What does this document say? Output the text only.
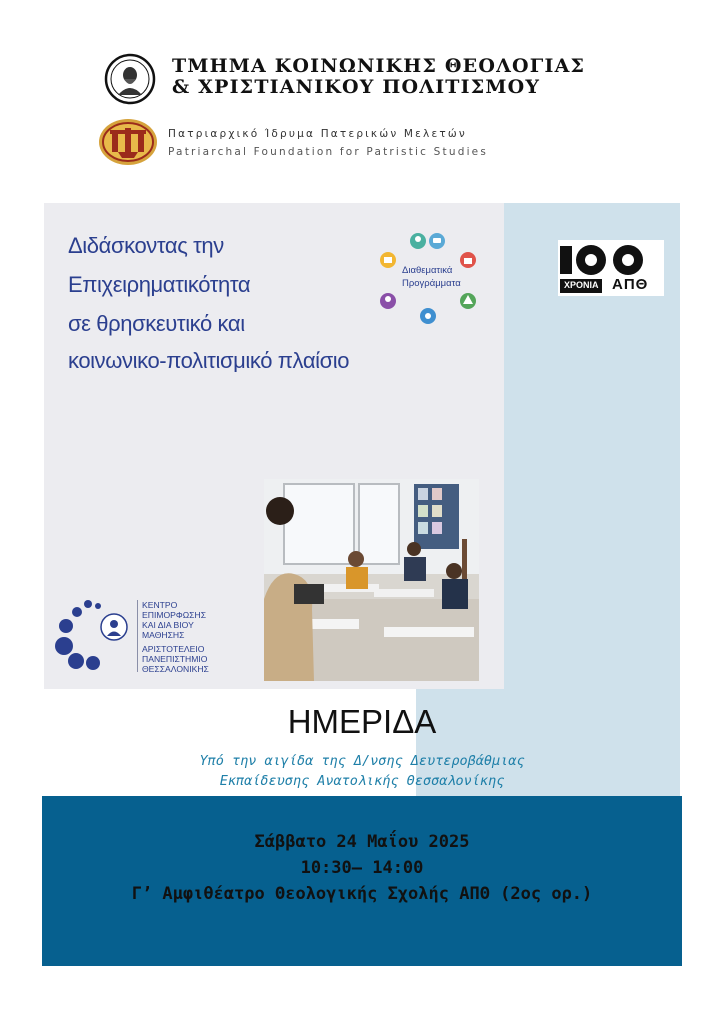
ΤΜΗΜΑ ΚΟΙΝΩΝΙΚΗΣ ΘΕΟΛΟΓΙΑΣ
& ΧΡΙΣΤΙΑΝΙΚΟΥ ΠΟΛΙΤΙΣΜΟΥ
Πατριαρχικό Ίδρυμα Πατερικών Μελετών
Patriarchal Foundation for Patristic Studies
Διδάσκοντας την
Επιχειρηματικότητα
σε θρησκευτικό και
κοινωνικο-πολιτισμικό πλαίσιο
Διαθεματικά
Προγράμματα	ΧΡΟΝΙΑ ΑΠΘ
ΚΕΝΤΡΟ
ΕΠΙΜΟΡΦΩΣΗΣ
ΚΑΙ ΔΙΑ ΒΙΟΥ
ΜΑΘΗΣΗΣ
ΑΡΙΣΤΟΤΕΛΕΙΟ
ΠΑΝΕΠΙΣΤΗΜΙΟ
ΘΕΣΣΑΛΟΝΙΚΗΣ
ΗΜΕΡΙΔΑ
Υπό την αιγίδα της Δ/νσης Δευτεροβάθμιας
Εκπαίδευσης Ανατολικής Θεσσαλονίκης
Σάββατο 24 Μαΐου 2025
10:30– 14:00
Γ’ Αμφιθέατρο Θεολογικής Σχολής ΑΠΘ (2ος ορ.)
